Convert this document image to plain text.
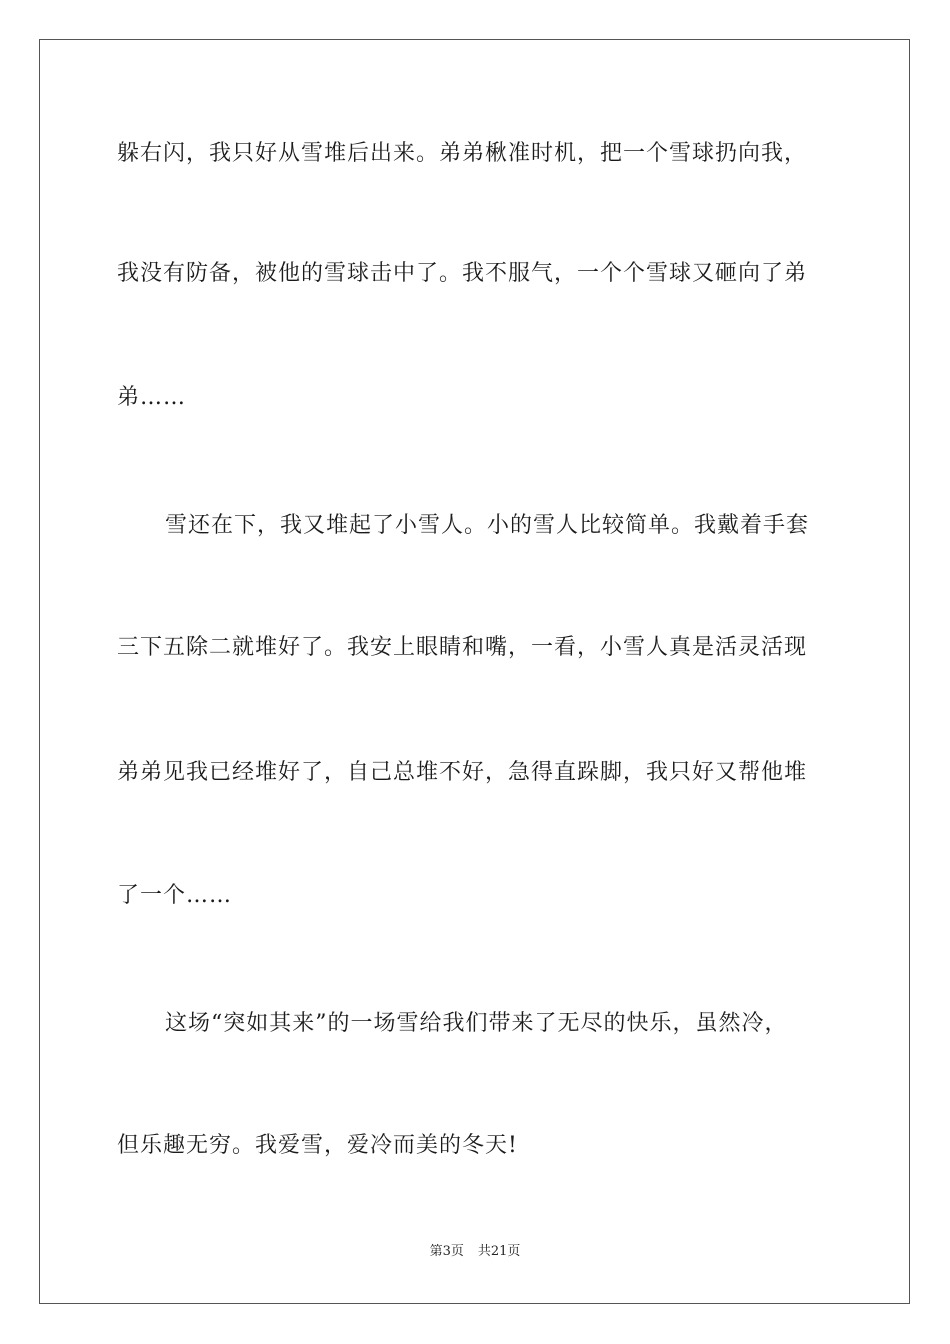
躲右闪，我只好从雪堆后出来。弟弟楸准时机，把一个雪球扔向我，
我没有防备，被他的雪球击中了。我不服气，一个个雪球又砸向了弟
弟……
雪还在下，我又堆起了小雪人。小的雪人比较简单。我戴着手套
三下五除二就堆好了。我安上眼睛和嘴，一看，小雪人真是活灵活现
弟弟见我已经堆好了，自己总堆不好，急得直跺脚，我只好又帮他堆
了一个……
这场“突如其来”的一场雪给我们带来了无尽的快乐，虽然冷，
但乐趣无穷。我爱雪，爱冷而美的冬天!
第3页 共21页
